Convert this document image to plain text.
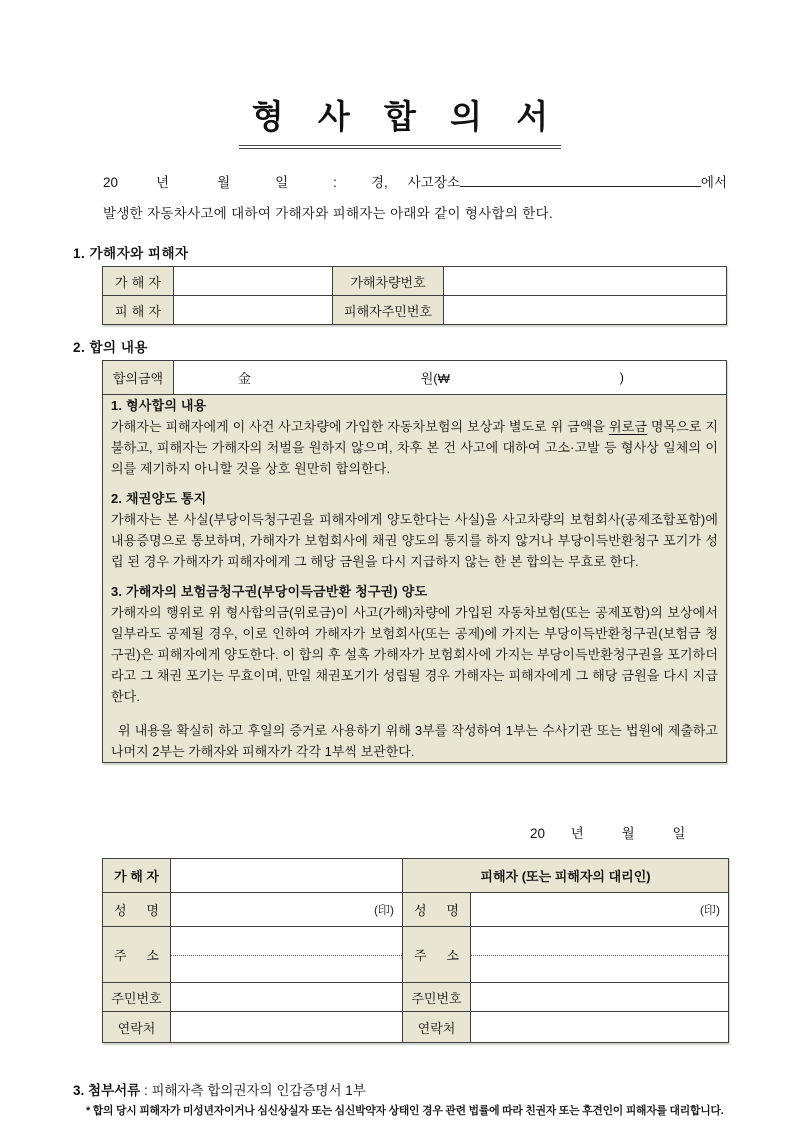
형 사 합 의 서
20	년	월	일	:	경, 사고장소	에서
발생한 자동차사고에 대하여 가해자와 피해자는 아래와 같이 형사합의 한다.
1. 가해자와 피해자
가 해 자		가해차량번호	
피 해 자		피해자주민번호	
2. 합의 내용
합의금액	金	원(₩	)

1. 형사합의 내용

가해자는 피해자에게 이 사건 사고차량에 가입한 자동차보험의 보상과 별도로 위 금액을 위로금 명목으로 지불하고, 피해자는 가해자의 처벌을 원하지 않으며, 차후 본 건 사고에 대하여 고소·고발 등 형사상 일체의 이의를 제기하지 아니할 것을 상호 원만히 합의한다.

2. 채권양도 통지

가해자는 본 사실(부당이득청구권을 피해자에게 양도한다는 사실)을 사고차량의 보험회사(공제조합포함)에 내용증명으로 통보하며, 가해자가 보험회사에 채권 양도의 통지를 하지 않거나 부당이득반환청구 포기가 성립 된 경우 가해자가 피해자에게 그 해당 금원을 다시 지급하지 않는 한 본 합의는 무효로 한다.

3. 가해자의 보험금청구권(부당이득금반환 청구권) 양도

가해자의 행위로 위 형사합의금(위로금)이 사고(가해)차량에 가입된 자동차보험(또는 공제포함)의 보상에서 일부라도 공제될 경우, 이로 인하여 가해자가 보험회사(또는 공제)에 가지는 부당이득반환청구권(보험금 청구권)은 피해자에게 양도한다. 이 합의 후 설혹 가해자가 보험회사에 가지는 부당이득반환청구권을 포기하더라고 그 채권 포기는 무효이며, 만일 채권포기가 성립될 경우 가해자는 피해자에게 그 해당 금원을 다시 지급한다.

위 내용을 확실히 하고 후일의 증거로 사용하기 위해 3부를 작성하여 1부는 수사기관 또는 법원에 제출하고 나머지 2부는 가해자와 피해자가 각각 1부씩 보관한다.

20 년	월	일
가 해 자		피해자 (또는 피해자의 대리인)	
성 명	(印)	성 명	(印)
주 소		주 소	

주민번호		주민번호	
연락처		연락처	
3. 첨부서류 : 피해자측 합의권자의 인감증명서 1부
* 합의 당시 피해자가 미성년자이거나 심신상실자 또는 심신박약자 상태인 경우 관련 법률에 따라 친권자 또는 후견인이 피해자를 대리합니다.
